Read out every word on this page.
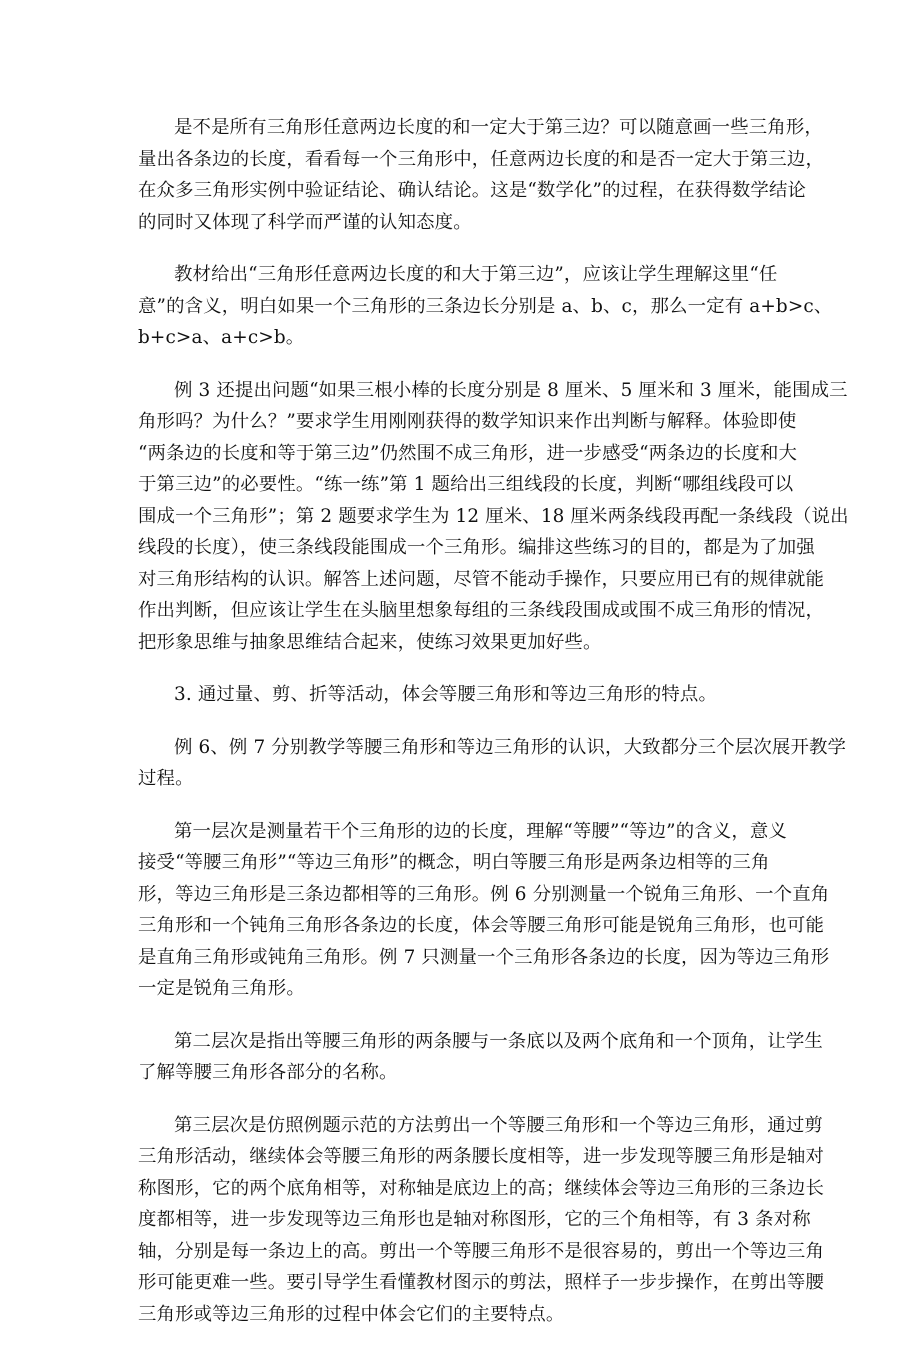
是不是所有三角形任意两边长度的和一定大于第三边？可以随意画一些三角形，
量出各条边的长度，看看每一个三角形中，任意两边长度的和是否一定大于第三边，
在众多三角形实例中验证结论、确认结论。这是“数学化”的过程，在获得数学结论
的同时又体现了科学而严谨的认知态度。

教材给出“三角形任意两边长度的和大于第三边”，应该让学生理解这里“任
意”的含义，明白如果一个三角形的三条边长分别是 a、b、c，那么一定有 a+b>c、
b+c>a、a+c>b。

例 3 还提出问题“如果三根小棒的长度分别是 8 厘米、5 厘米和 3 厘米，能围成三
角形吗？为什么？”要求学生用刚刚获得的数学知识来作出判断与解释。体验即使
“两条边的长度和等于第三边”仍然围不成三角形，进一步感受“两条边的长度和大
于第三边”的必要性。“练一练”第 1 题给出三组线段的长度，判断“哪组线段可以
围成一个三角形”；第 2 题要求学生为 12 厘米、18 厘米两条线段再配一条线段（说出
线段的长度），使三条线段能围成一个三角形。编排这些练习的目的，都是为了加强
对三角形结构的认识。解答上述问题，尽管不能动手操作，只要应用已有的规律就能
作出判断，但应该让学生在头脑里想象每组的三条线段围成或围不成三角形的情况，
把形象思维与抽象思维结合起来，使练习效果更加好些。

3. 通过量、剪、折等活动，体会等腰三角形和等边三角形的特点。

例 6、例 7 分别教学等腰三角形和等边三角形的认识，大致都分三个层次展开教学
过程。

第一层次是测量若干个三角形的边的长度，理解“等腰”“等边”的含义，意义
接受“等腰三角形”“等边三角形”的概念，明白等腰三角形是两条边相等的三角
形，等边三角形是三条边都相等的三角形。例 6 分别测量一个锐角三角形、一个直角
三角形和一个钝角三角形各条边的长度，体会等腰三角形可能是锐角三角形，也可能
是直角三角形或钝角三角形。例 7 只测量一个三角形各条边的长度，因为等边三角形
一定是锐角三角形。

第二层次是指出等腰三角形的两条腰与一条底以及两个底角和一个顶角，让学生
了解等腰三角形各部分的名称。

第三层次是仿照例题示范的方法剪出一个等腰三角形和一个等边三角形，通过剪
三角形活动，继续体会等腰三角形的两条腰长度相等，进一步发现等腰三角形是轴对
称图形，它的两个底角相等，对称轴是底边上的高；继续体会等边三角形的三条边长
度都相等，进一步发现等边三角形也是轴对称图形，它的三个角相等，有 3 条对称
轴，分别是每一条边上的高。剪出一个等腰三角形不是很容易的，剪出一个等边三角
形可能更难一些。要引导学生看懂教材图示的剪法，照样子一步步操作，在剪出等腰
三角形或等边三角形的过程中体会它们的主要特点。
